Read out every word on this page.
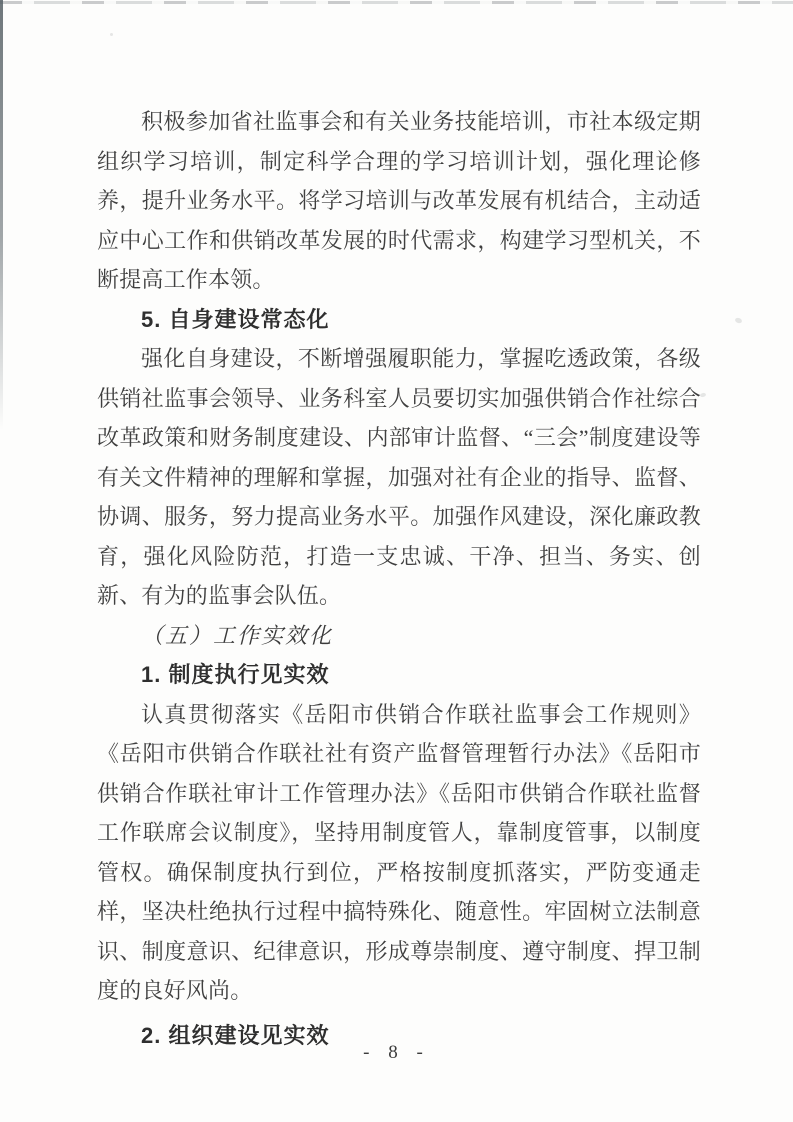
积极参加省社监事会和有关业务技能培训，市社本级定期组织学习培训，制定科学合理的学习培训计划，强化理论修养，提升业务水平。将学习培训与改革发展有机结合，主动适应中心工作和供销改革发展的时代需求，构建学习型机关，不断提高工作本领。

5. 自身建设常态化

强化自身建设，不断增强履职能力，掌握吃透政策，各级供销社监事会领导、业务科室人员要切实加强供销合作社综合改革政策和财务制度建设、内部审计监督、“三会”制度建设等有关文件精神的理解和掌握，加强对社有企业的指导、监督、协调、服务，努力提高业务水平。加强作风建设，深化廉政教育，强化风险防范，打造一支忠诚、干净、担当、务实、创新、有为的监事会队伍。

（五）工作实效化

1. 制度执行见实效

认真贯彻落实《岳阳市供销合作联社监事会工作规则》《岳阳市供销合作联社社有资产监督管理暂行办法》《岳阳市供销合作联社审计工作管理办法》《岳阳市供销合作联社监督工作联席会议制度》，坚持用制度管人，靠制度管事，以制度管权。确保制度执行到位，严格按制度抓落实，严防变通走样，坚决杜绝执行过程中搞特殊化、随意性。牢固树立法制意识、制度意识、纪律意识，形成尊崇制度、遵守制度、捍卫制度的良好风尚。

2. 组织建设见实效

- 8 -
